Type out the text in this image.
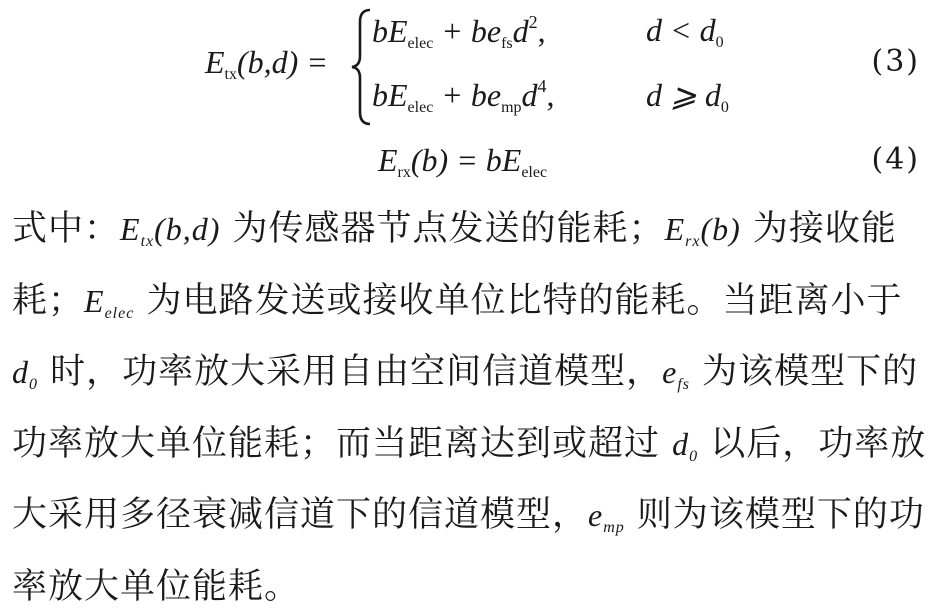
$E_{tx}(b,d)$ =
$bE_{elec} + be_{fs}d^2$,	$d < d_0$
$bE_{elec} + be_{mp}d^4$,	d ⩾ $d_0$
(3)
$E_{rx}(b) = bE_{elec}$	(4)
式中：$E_{tx}(b,d)$ 为传感器节点发送的能耗；$E_{rx}(b)$ 为接收能耗；$E_{elec}$ 为电路发送或接收单位比特的能耗。当距离小于 $d_0$ 时，功率放大采用自由空间信道模型，$e_{fs}$ 为该模型下的功率放大单位能耗；而当距离达到或超过 $d_0$ 以后，功率放大采用多径衰减信道下的信道模型，$e_{mp}$ 则为该模型下的功率放大单位能耗。
